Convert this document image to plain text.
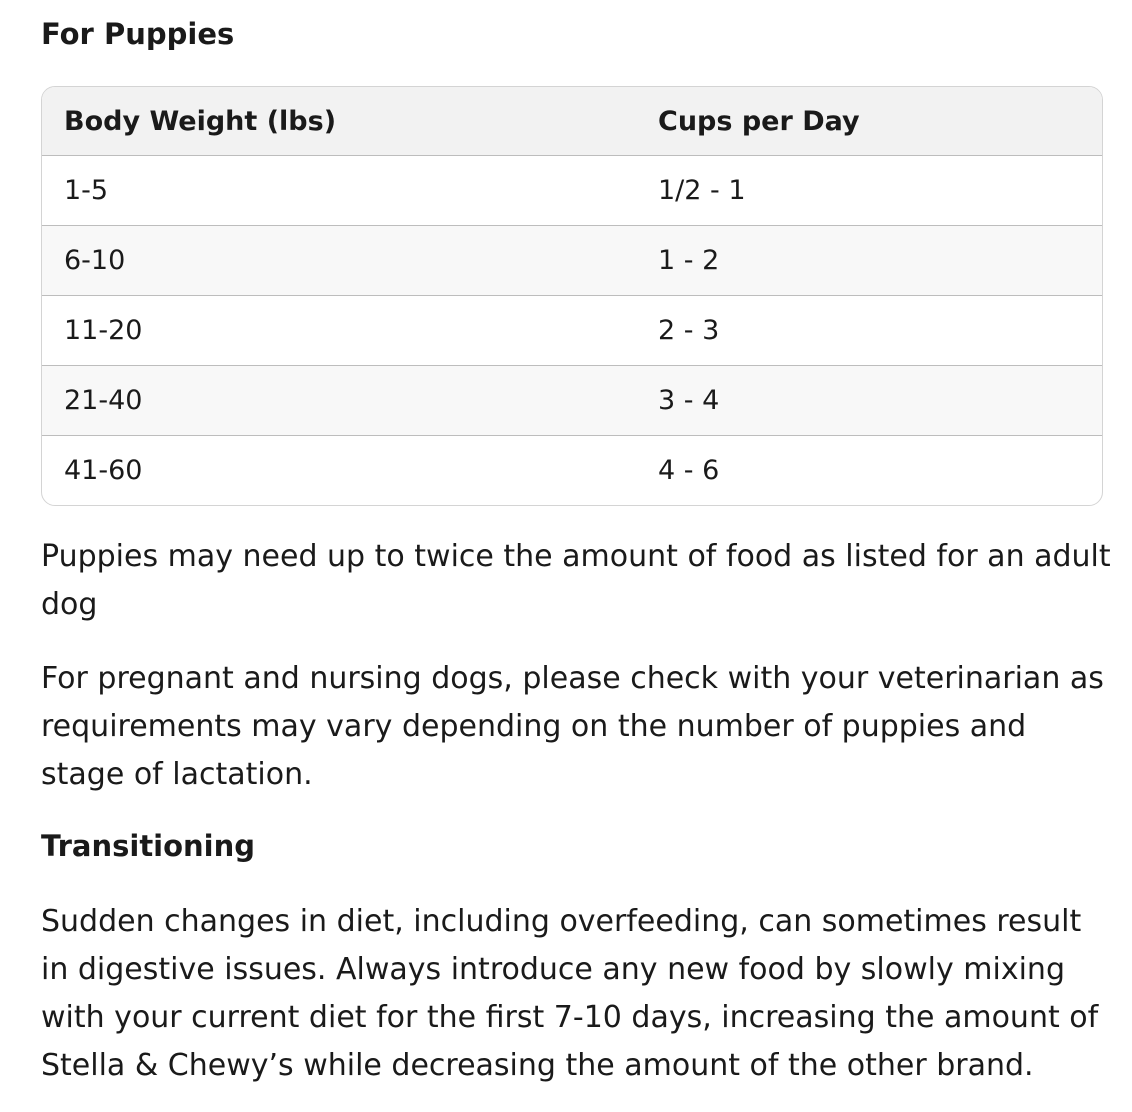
For Puppies
Body Weight (lbs)	Cups per Day
1-5	1/2 - 1
6-10	1 - 2
11-20	2 - 3
21-40	3 - 4
41-60	4 - 6

Puppies may need up to twice the amount of food as listed for an adult dog

For pregnant and nursing dogs, please check with your veterinarian as requirements may vary depending on the number of puppies and stage of lactation.

Transitioning

Sudden changes in diet, including overfeeding, can sometimes result in digestive issues. Always introduce any new food by slowly mixing with your current diet for the first 7-10 days, increasing the amount of Stella & Chewy’s while decreasing the amount of the other brand.
